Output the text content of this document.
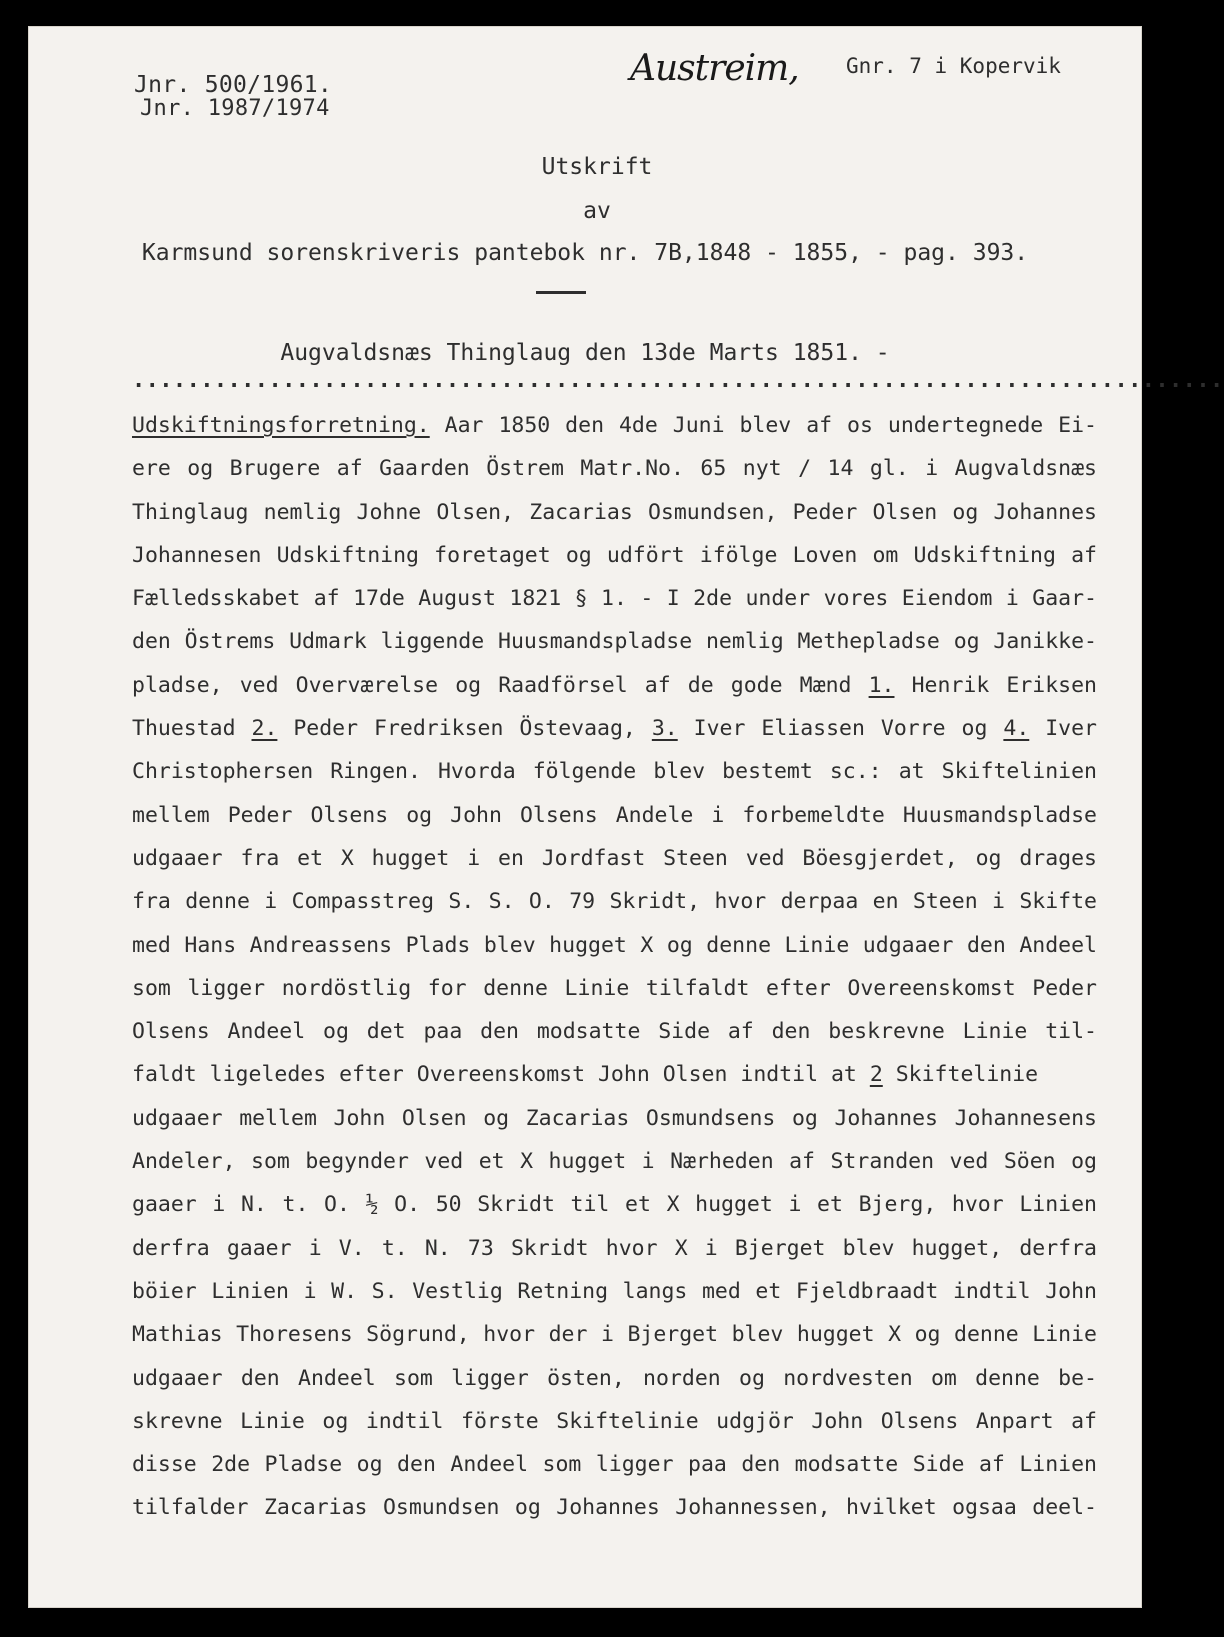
Jnr. 500/1961.
Jnr. 1987/1974
Austreim, Gnr. 7 i Kopervik
Utskrift
av
Karmsund sorenskriveris pantebok nr. 7B,1848 - 1855, - pag. 393.
Augvaldsnæs Thinglaug den 13de Marts 1851. -
................................................................................
Udskiftningsforretning. Aar 1850 den 4de Juni blev af os undertegnede Ei-
ere og Brugere af Gaarden Östrem Matr.No. 65 nyt / 14 gl. i Augvaldsnæs
Thinglaug nemlig Johne Olsen, Zacarias Osmundsen, Peder Olsen og Johannes
Johannesen Udskiftning foretaget og udfört ifölge Loven om Udskiftning af
Fælledsskabet af 17de August 1821 § 1. - I 2de under vores Eiendom i Gaar-
den Östrems Udmark liggende Huusmandspladse nemlig Methepladse og Janikke-
pladse, ved Overværelse og Raadförsel af de gode Mænd 1. Henrik Eriksen
Thuestad 2. Peder Fredriksen Östevaag, 3. Iver Eliassen Vorre og 4. Iver
Christophersen Ringen. Hvorda fölgende blev bestemt sc.: at Skiftelinien
mellem Peder Olsens og John Olsens Andele i forbemeldte Huusmandspladse
udgaaer fra et X hugget i en Jordfast Steen ved Böesgjerdet, og drages
fra denne i Compasstreg S. S. O. 79 Skridt, hvor derpaa en Steen i Skifte
med Hans Andreassens Plads blev hugget X og denne Linie udgaaer den Andeel
som ligger nordöstlig for denne Linie tilfaldt efter Overeenskomst Peder
Olsens Andeel og det paa den modsatte Side af den beskrevne Linie til-
faldt ligeledes efter Overeenskomst John Olsen indtil at 2 Skiftelinie
udgaaer mellem John Olsen og Zacarias Osmundsens og Johannes Johannesens
Andeler, som begynder ved et X hugget i Nærheden af Stranden ved Söen og
gaaer i N. t. O. ½ O. 50 Skridt til et X hugget i et Bjerg, hvor Linien
derfra gaaer i V. t. N. 73 Skridt hvor X i Bjerget blev hugget, derfra
böier Linien i W. S. Vestlig Retning langs med et Fjeldbraadt indtil John
Mathias Thoresens Sögrund, hvor der i Bjerget blev hugget X og denne Linie
udgaaer den Andeel som ligger östen, norden og nordvesten om denne be-
skrevne Linie og indtil förste Skiftelinie udgjör John Olsens Anpart af
disse 2de Pladse og den Andeel som ligger paa den modsatte Side af Linien
tilfalder Zacarias Osmundsen og Johannes Johannessen, hvilket ogsaa deel-
